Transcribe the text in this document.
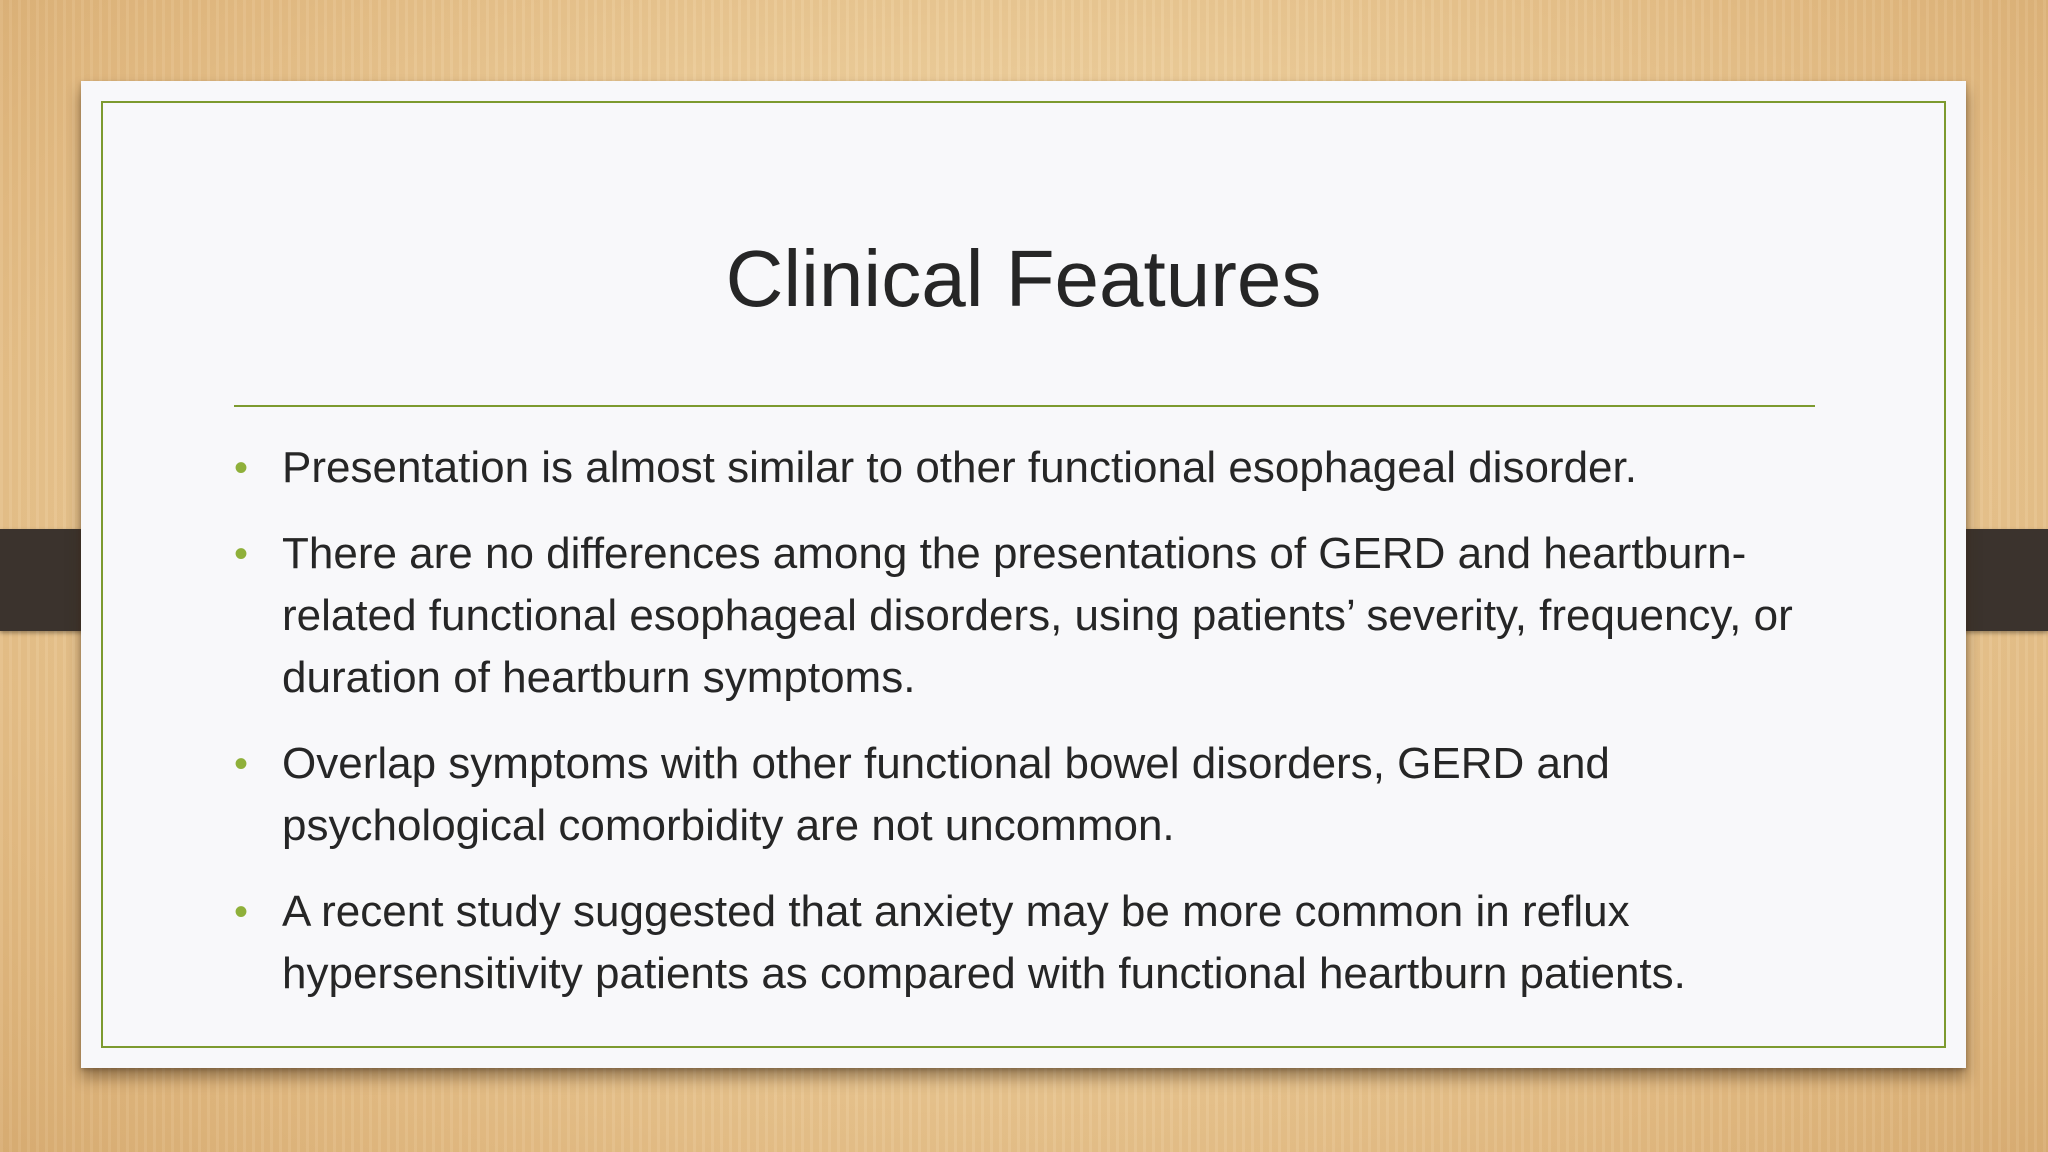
Clinical Features
• Presentation is almost similar to other functional esophageal disorder.
• There are no differences among the presentations of GERD and heartburn-related functional esophageal disorders, using patients’ severity, frequency, or duration of heartburn symptoms.
• Overlap symptoms with other functional bowel disorders, GERD and psychological comorbidity are not uncommon.
• A recent study suggested that anxiety may be more common in reflux hypersensitivity patients as compared with functional heartburn patients.
